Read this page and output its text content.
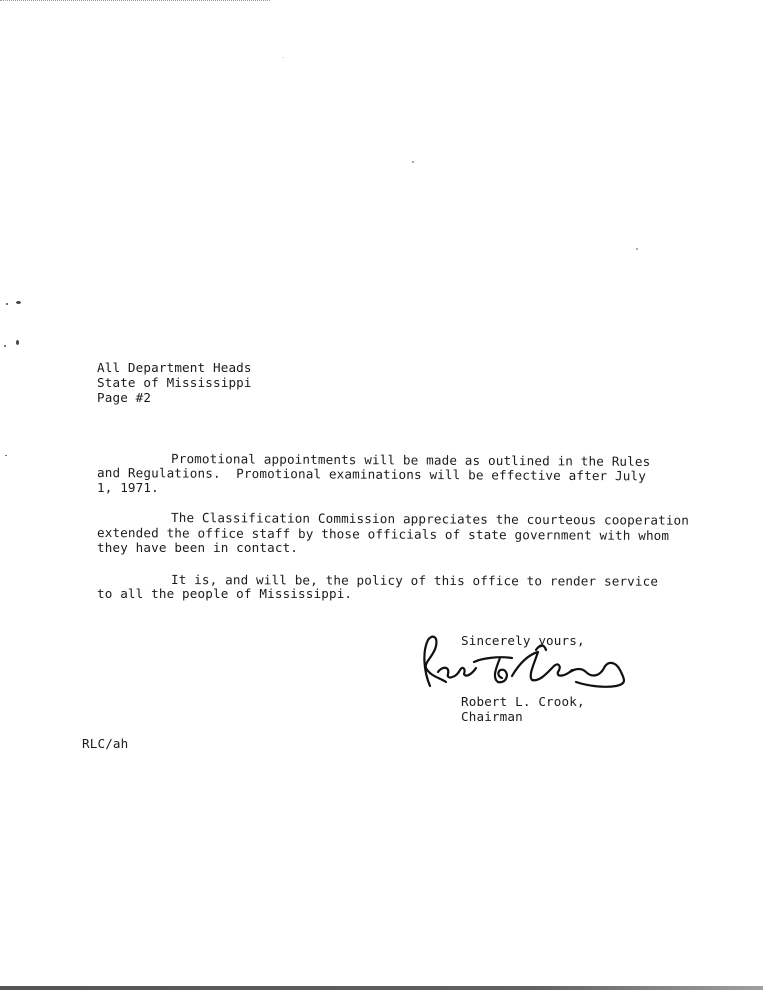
All Department Heads
State of Mississippi
Page #2
Promotional appointments will be made as outlined in the Rules
and Regulations.  Promotional examinations will be effective after July
1, 1971.
The Classification Commission appreciates the courteous cooperation
extended the office staff by those officials of state government with whom
they have been in contact.
It is, and will be, the policy of this office to render service
to all the people of Mississippi.
Sincerely yours,
Robert L. Crook,
Chairman
RLC/ah
